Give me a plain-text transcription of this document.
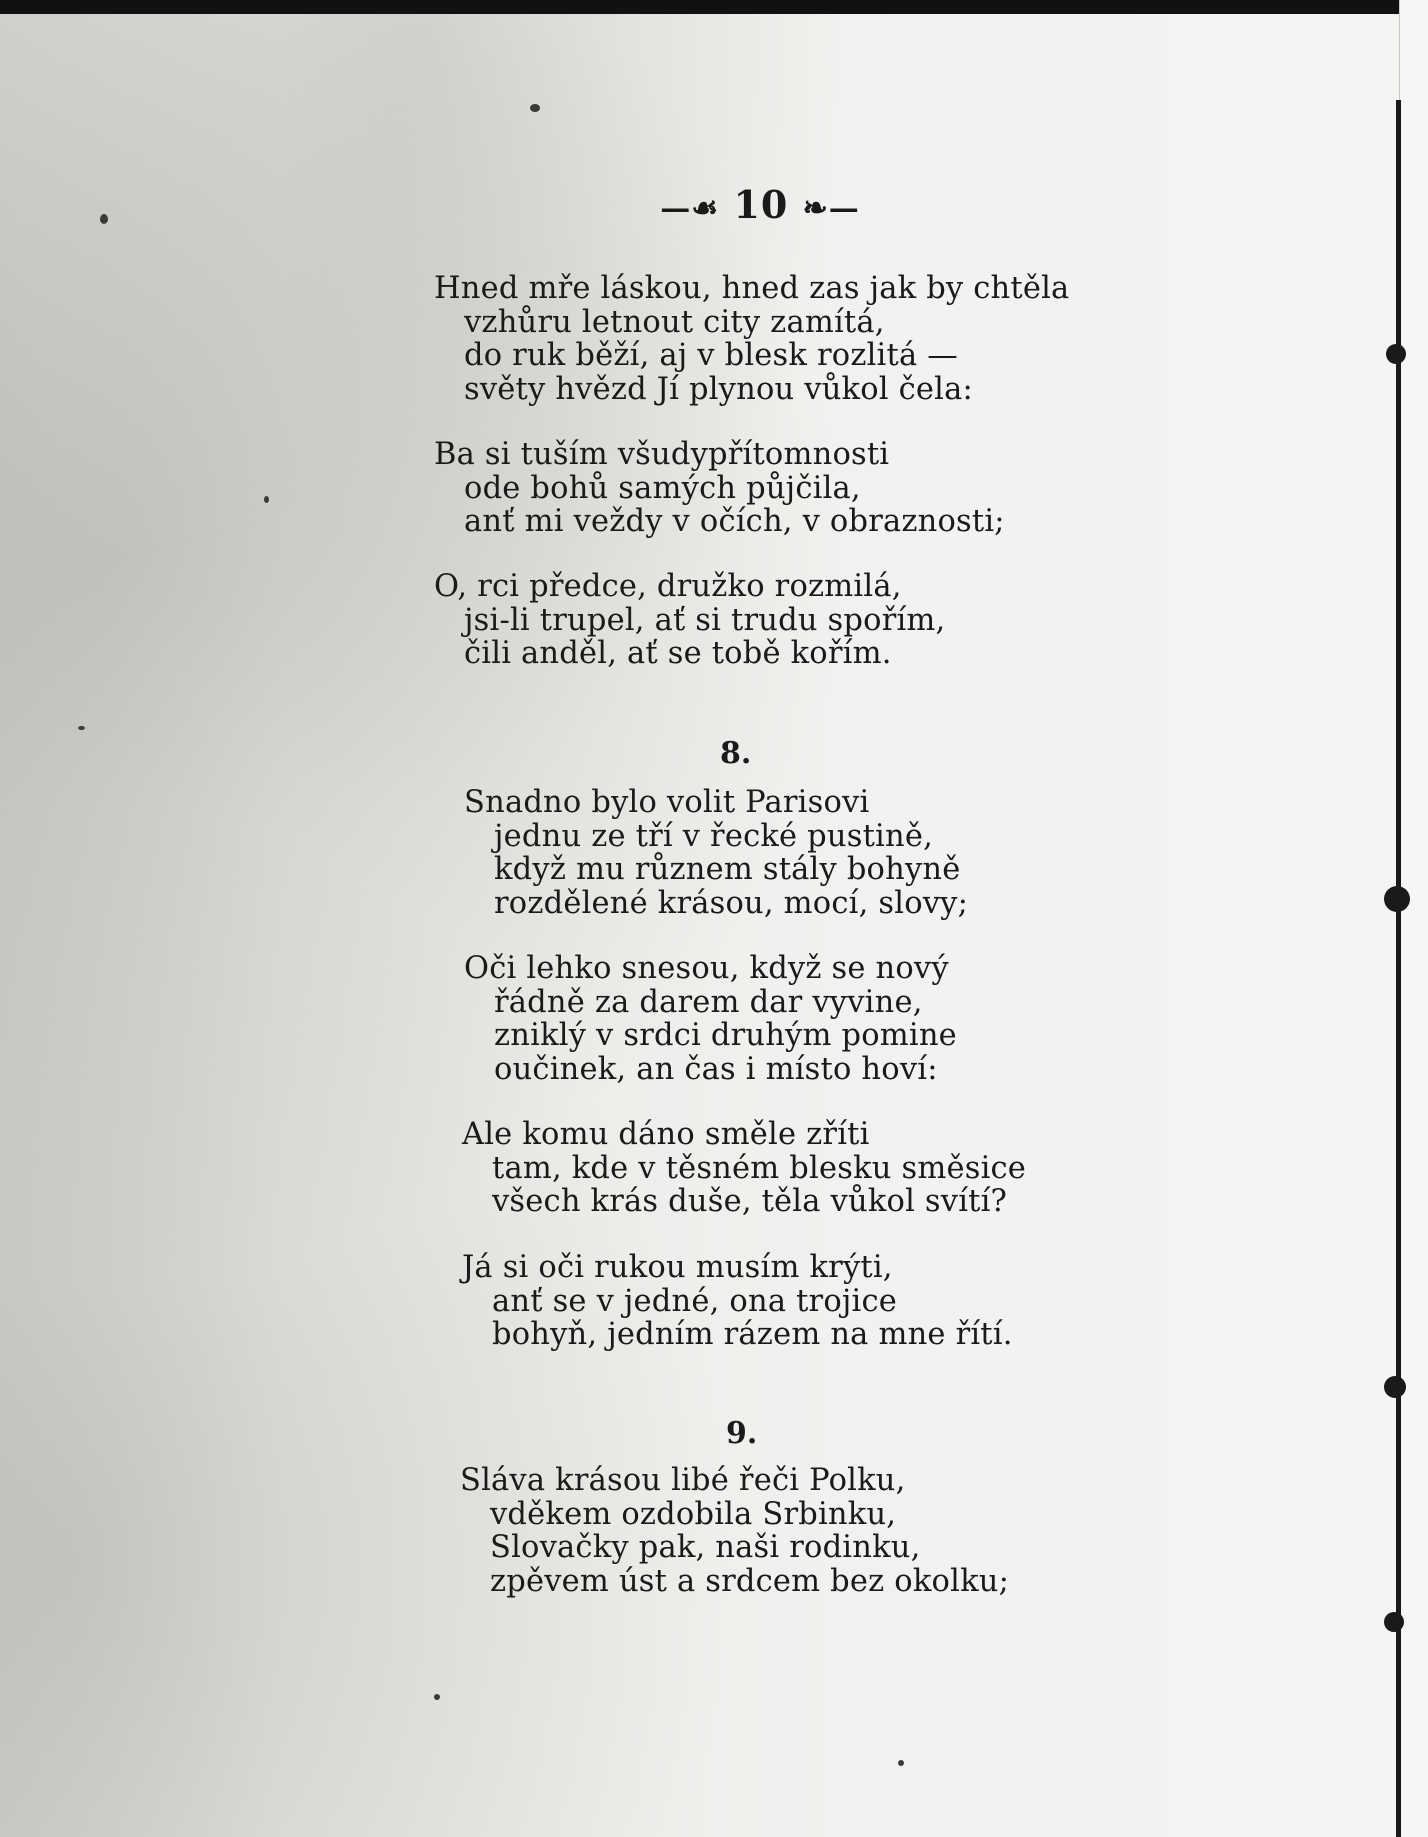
—☙ 10 ❧—
Hned mře láskou, hned zas jak by chtěla
vzhůru letnout city zamítá,
do ruk běží, aj v blesk rozlitá —
světy hvězd Jí plynou vůkol čela:
Ba si tuším všudypřítomnosti
ode bohů samých půjčila,
anť mi veždy v očích, v obraznosti;
O, rci předce, družko rozmilá,
jsi-li trupel, ať si trudu spořím,
čili anděl, ať se tobě kořím.
8.
Snadno bylo volit Parisovi
jednu ze tří v řecké pustině,
když mu různem stály bohyně
rozdělené krásou, mocí, slovy;
Oči lehko snesou, když se nový
řádně za darem dar vyvine,
zniklý v srdci druhým pomine
oučinek, an čas i místo hoví:
Ale komu dáno směle zříti
tam, kde v těsném blesku směsice
všech krás duše, těla vůkol svítí?
Já si oči rukou musím krýti,
anť se v jedné, ona trojice
bohyň, jedním rázem na mne řítí.
9.
Sláva krásou libé řeči Polku,
vděkem ozdobila Srbinku,
Slovačky pak, naši rodinku,
zpěvem úst a srdcem bez okolku;
